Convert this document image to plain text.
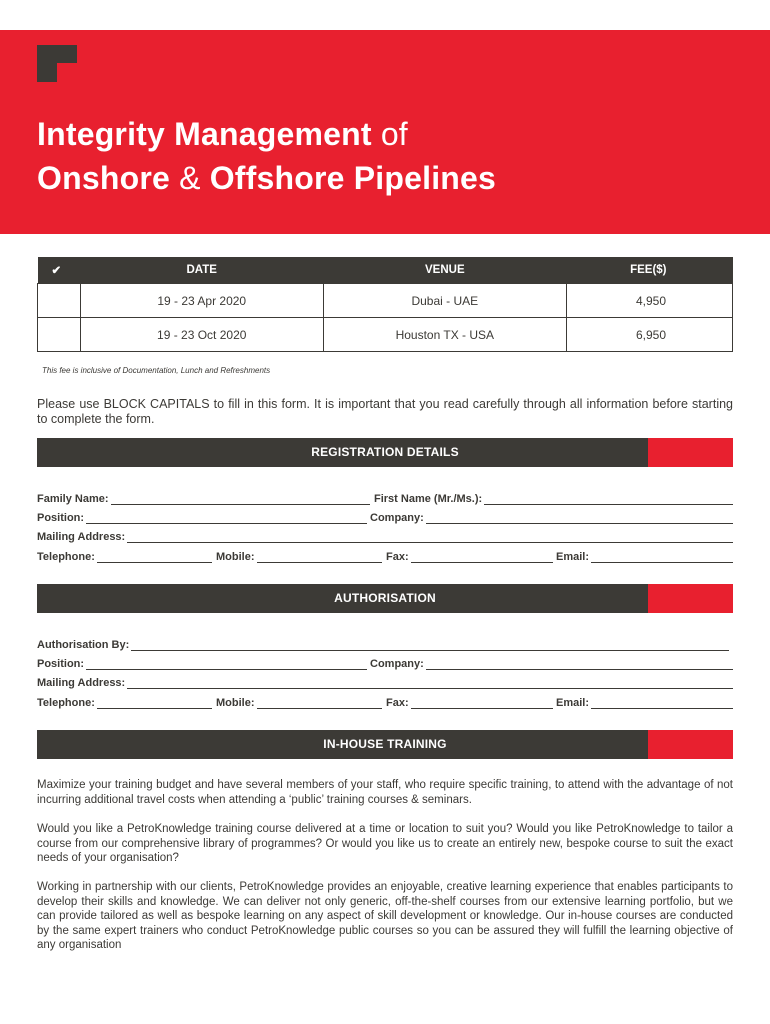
Integrity Management of
Onshore & Offshore Pipelines
✔	DATE	VENUE	FEE($)
	19 - 23 Apr 2020	Dubai - UAE	4,950
	19 - 23 Oct 2020	Houston TX - USA	6,950
This fee is inclusive of Documentation, Lunch and Refreshments
Please use BLOCK CAPITALS to fill in this form. It is important that you read carefully through all information before starting to complete the form.
REGISTRATION DETAILS
Family Name:	First Name (Mr./Ms.):
Position:	Company:
Mailing Address:
Telephone:	Mobile:	Fax:	Email:
AUTHORISATION
Authorisation By:
Position:	Company:
Mailing Address:
Telephone:	Mobile:	Fax:	Email:
IN-HOUSE TRAINING

Maximize your training budget and have several members of your staff, who require specific training, to attend with the advantage of not incurring additional travel costs when attending a ‘public’ training courses & seminars.

Would you like a PetroKnowledge training course delivered at a time or location to suit you? Would you like PetroKnowledge to tailor a course from our comprehensive library of programmes? Or would you like us to create an entirely new, bespoke course to suit the exact needs of your organisation?

Working in partnership with our clients, PetroKnowledge provides an enjoyable, creative learning experience that enables participants to develop their skills and knowledge. We can deliver not only generic, off-the-shelf courses from our extensive learning portfolio, but we can provide tailored as well as bespoke learning on any aspect of skill development or knowledge. Our in-house courses are conducted by the same expert trainers who conduct PetroKnowledge public courses so you can be assured they will fulfill the learning objective of any organisation
